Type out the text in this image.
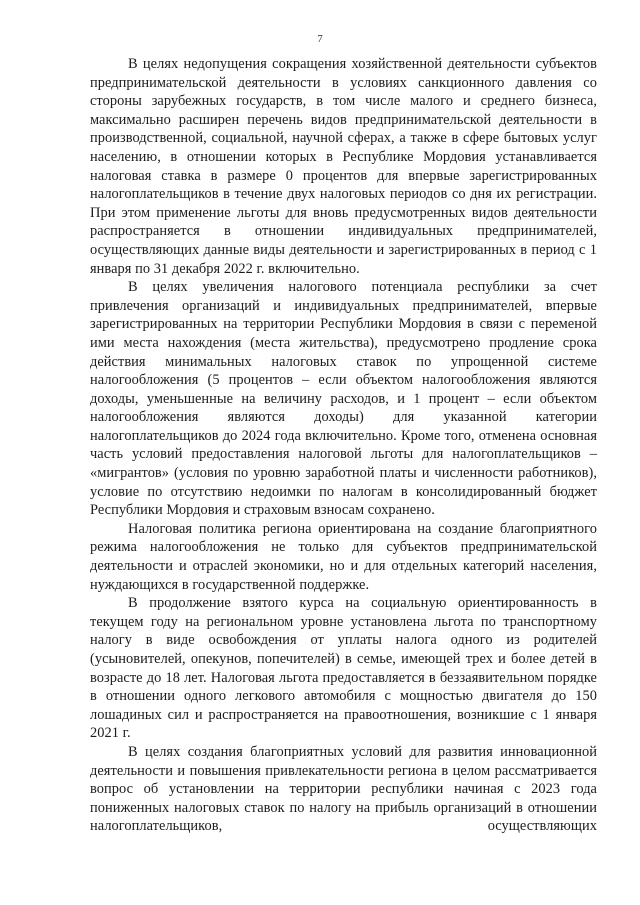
7

В целях недопущения сокращения хозяйственной деятельности субъектов предпринимательской деятельности в условиях санкционного давления со стороны зарубежных государств, в том числе малого и среднего бизнеса, максимально расширен перечень видов предпринимательской деятельности в производственной, социальной, научной сферах, а также в сфере бытовых услуг населению, в отношении которых в Республике Мордовия устанавливается налоговая ставка в размере 0 процентов для впервые зарегистрированных налогоплательщиков в течение двух налоговых периодов со дня их регистрации. При этом применение льготы для вновь предусмотренных видов деятельности распространяется в отношении индивидуальных предпринимателей, осуществляющих данные виды деятельности и зарегистрированных в период с 1 января по 31 декабря 2022 г. включительно.

В целях увеличения налогового потенциала республики за счет привлечения организаций и индивидуальных предпринимателей, впервые зарегистрированных на территории Республики Мордовия в связи с переменой ими места нахождения (места жительства), предусмотрено продление срока действия минимальных налоговых ставок по упрощенной системе налогообложения (5 процентов – если объектом налогообложения являются доходы, уменьшенные на величину расходов, и 1 процент – если объектом налогообложения являются доходы) для указанной категории налогоплательщиков до 2024 года включительно. Кроме того, отменена основная часть условий предоставления налоговой льготы для налогоплательщиков – «мигрантов» (условия по уровню заработной платы и численности работников), условие по отсутствию недоимки по налогам в консолидированный бюджет Республики Мордовия и страховым взносам сохранено.

Налоговая политика региона ориентирована на создание благоприятного режима налогообложения не только для субъектов предпринимательской деятельности и отраслей экономики, но и для отдельных категорий населения, нуждающихся в государственной поддержке.

В продолжение взятого курса на социальную ориентированность в текущем году на региональном уровне установлена льгота по транспортному налогу в виде освобождения от уплаты налога одного из родителей (усыновителей, опекунов, попечителей) в семье, имеющей трех и более детей в возрасте до 18 лет. Налоговая льгота предоставляется в беззаявительном порядке в отношении одного легкового автомобиля с мощностью двигателя до 150 лошадиных сил и распространяется на правоотношения, возникшие с 1 января 2021 г.

В целях создания благоприятных условий для развития инновационной деятельности и повышения привлекательности региона в целом рассматривается вопрос об установлении на территории республики начиная с 2023 года пониженных налоговых ставок по налогу на прибыль организаций в отношении налогоплательщиков, осуществляющих
